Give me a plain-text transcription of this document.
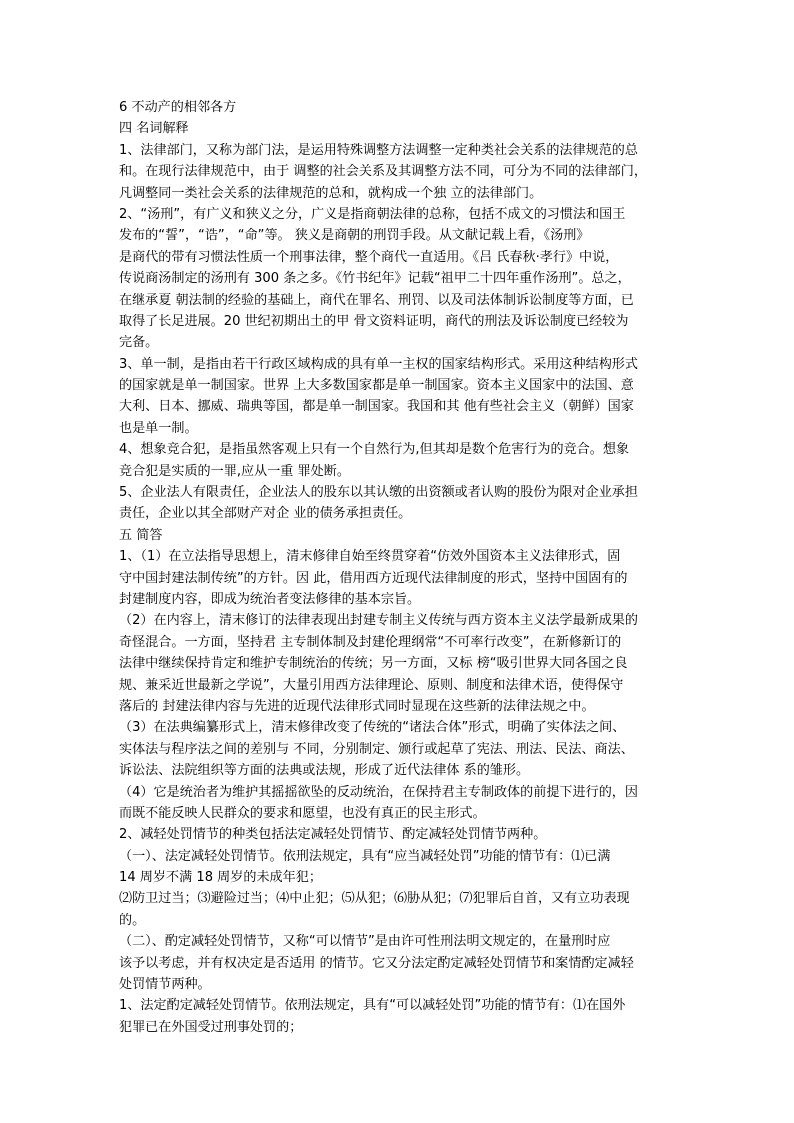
6 不动产的相邻各方
四 名词解释
1、法律部门，又称为部门法，是运用特殊调整方法调整一定种类社会关系的法律规范的总
和。在现行法律规范中，由于 调整的社会关系及其调整方法不同，可分为不同的法律部门，
凡调整同一类社会关系的法律规范的总和，就构成一个独 立的法律部门。
2、“汤刑”，有广义和狭义之分，广义是指商朝法律的总称，包括不成文的习惯法和国王
发布的“誓”，“诰”，“命”等。 狭义是商朝的刑罚手段。从文献记载上看，《汤刑》
是商代的带有习惯法性质一个刑事法律，整个商代一直适用。《吕 氏春秋·孝行》中说，
传说商汤制定的汤刑有 300 条之多。《竹书纪年》记载“祖甲二十四年重作汤刑”。总之，
在继承夏 朝法制的经验的基础上，商代在罪名、刑罚、以及司法体制诉讼制度等方面，已
取得了长足进展。20 世纪初期出土的甲 骨文资料证明，商代的刑法及诉讼制度已经较为
完备。
3、单一制，是指由若干行政区域构成的具有单一主权的国家结构形式。采用这种结构形式
的国家就是单一制国家。世界 上大多数国家都是单一制国家。资本主义国家中的法国、意
大利、日本、挪威、瑞典等国，都是单一制国家。我国和其 他有些社会主义（朝鲜）国家
也是单一制。
4、想象竞合犯，是指虽然客观上只有一个自然行为,但其却是数个危害行为的竞合。想象
竞合犯是实质的一罪,应从一重 罪处断。
5、企业法人有限责任，企业法人的股东以其认缴的出资额或者认购的股份为限对企业承担
责任，企业以其全部财产对企 业的债务承担责任。
五 简答
1、（1）在立法指导思想上，清末修律自始至终贯穿着“仿效外国资本主义法律形式，固
守中国封建法制传统”的方针。因 此，借用西方近现代法律制度的形式，坚持中国固有的
封建制度内容，即成为统治者变法修律的基本宗旨。
（2）在内容上，清末修订的法律表现出封建专制主义传统与西方资本主义法学最新成果的
奇怪混合。一方面，坚持君 主专制体制及封建伦理纲常“不可率行改变”，在新修新订的
法律中继续保持肯定和维护专制统治的传统；另一方面，又标 榜“吸引世界大同各国之良
规、兼采近世最新之学说”，大量引用西方法律理论、原则、制度和法律术语，使得保守
落后的 封建法律内容与先进的近现代法律形式同时显现在这些新的法律法规之中。
（3）在法典编纂形式上，清末修律改变了传统的“诸法合体”形式，明确了实体法之间、
实体法与程序法之间的差别与 不同，分别制定、颁行或起草了宪法、刑法、民法、商法、
诉讼法、法院组织等方面的法典或法规，形成了近代法律体 系的雏形。
（4）它是统治者为维护其摇摇欲坠的反动统治，在保持君主专制政体的前提下进行的，因
而既不能反映人民群众的要求和愿望，也没有真正的民主形式。
2、减轻处罚情节的种类包括法定减轻处罚情节、酌定减轻处罚情节两种。
（一）、法定减轻处罚情节。依刑法规定，具有“应当减轻处罚”功能的情节有：⑴已满
14 周岁不满 18 周岁的未成年犯；
⑵防卫过当；⑶避险过当；⑷中止犯；⑸从犯；⑹胁从犯；⑺犯罪后自首，又有立功表现
的。
（二）、酌定减轻处罚情节，又称“可以情节”是由许可性刑法明文规定的，在量刑时应
该予以考虑，并有权决定是否适用 的情节。它又分法定酌定减轻处罚情节和案情酌定减轻
处罚情节两种。
1、法定酌定减轻处罚情节。依刑法规定，具有“可以减轻处罚”功能的情节有：⑴在国外
犯罪已在外国受过刑事处罚的；
